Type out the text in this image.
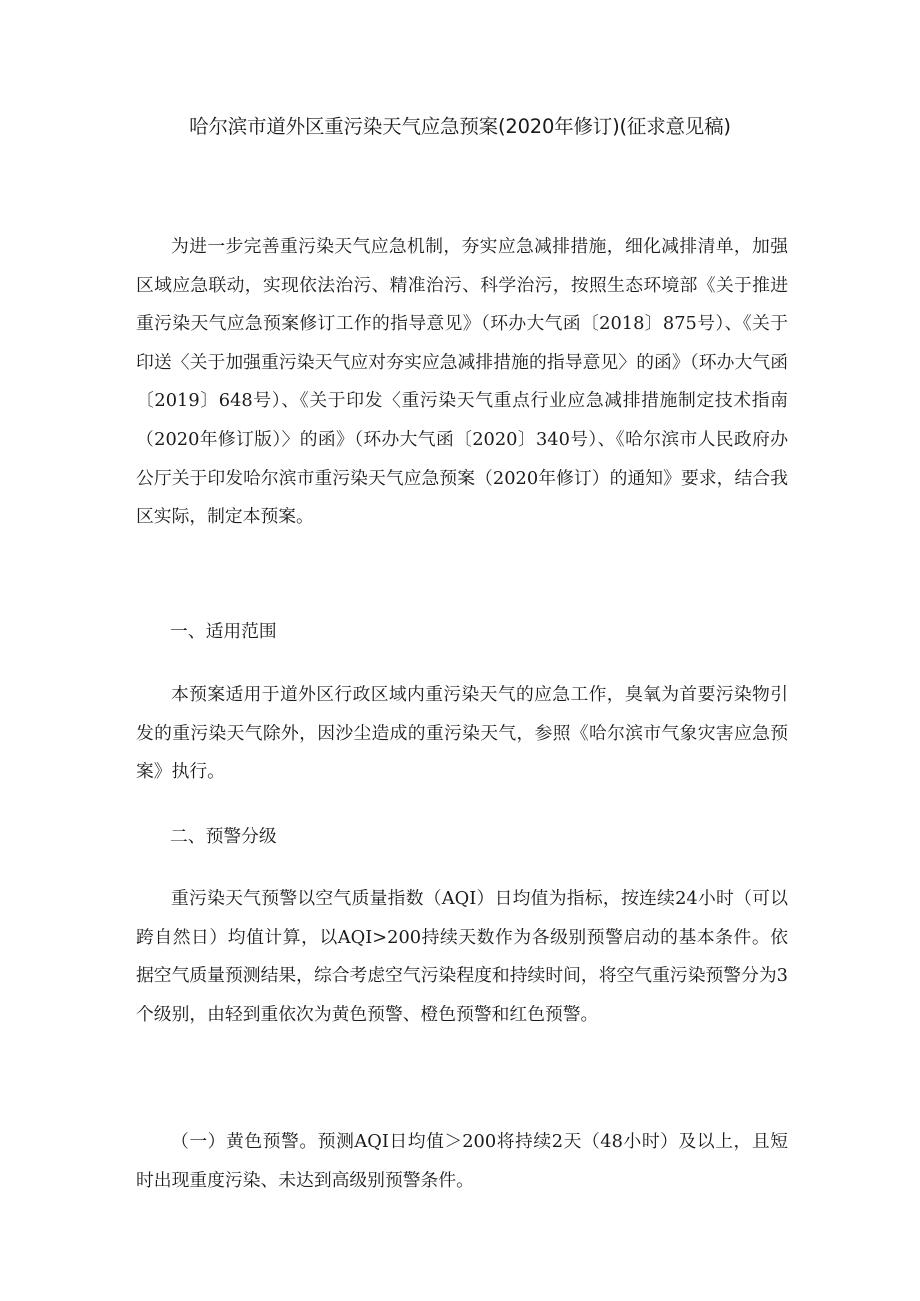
哈尔滨市道外区重污染天气应急预案(2020年修订)(征求意见稿)

为进一步完善重污染天气应急机制，夯实应急减排措施，细化减排清单，加强区域应急联动，实现依法治污、精准治污、科学治污，按照生态环境部《关于推进重污染天气应急预案修订工作的指导意见》（环办大气函〔2018〕875号）、《关于印送〈关于加强重污染天气应对夯实应急减排措施的指导意见〉的函》（环办大气函〔2019〕648号）、《关于印发〈重污染天气重点行业应急减排措施制定技术指南（2020年修订版）〉的函》（环办大气函〔2020〕340号）、《哈尔滨市人民政府办公厅关于印发哈尔滨市重污染天气应急预案（2020年修订）的通知》要求，结合我区实际，制定本预案。

一、适用范围

本预案适用于道外区行政区域内重污染天气的应急工作，臭氧为首要污染物引发的重污染天气除外，因沙尘造成的重污染天气，参照《哈尔滨市气象灾害应急预案》执行。

二、预警分级

重污染天气预警以空气质量指数（AQI）日均值为指标，按连续24小时（可以跨自然日）均值计算，以AQI>200持续天数作为各级别预警启动的基本条件。依据空气质量预测结果，综合考虑空气污染程度和持续时间，将空气重污染预警分为3个级别，由轻到重依次为黄色预警、橙色预警和红色预警。

（一）黄色预警。预测AQI日均值＞200将持续2天（48小时）及以上，且短时出现重度污染、未达到高级别预警条件。
